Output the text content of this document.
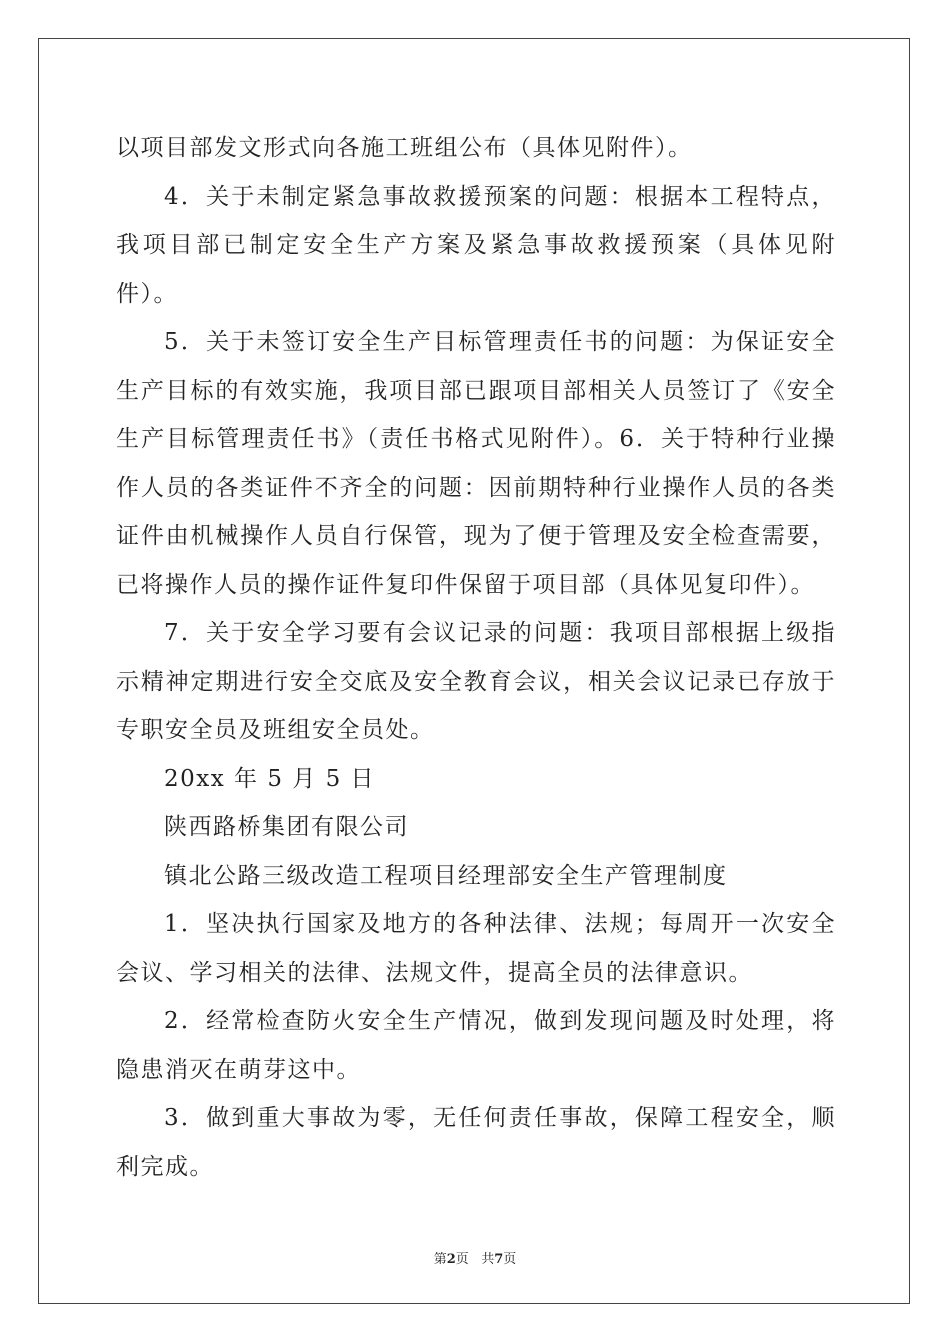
以项目部发文形式向各施工班组公布（具体见附件）。

4．关于未制定紧急事故救援预案的问题：根据本工程特点，我项目部已制定安全生产方案及紧急事故救援预案（具体见附件）。

5．关于未签订安全生产目标管理责任书的问题：为保证安全生产目标的有效实施，我项目部已跟项目部相关人员签订了《安全生产目标管理责任书》（责任书格式见附件）。6．关于特种行业操作人员的各类证件不齐全的问题：因前期特种行业操作人员的各类证件由机械操作人员自行保管，现为了便于管理及安全检查需要，已将操作人员的操作证件复印件保留于项目部（具体见复印件）。

7．关于安全学习要有会议记录的问题：我项目部根据上级指示精神定期进行安全交底及安全教育会议，相关会议记录已存放于专职安全员及班组安全员处。

20xx 年 5 月 5 日

陕西路桥集团有限公司

镇北公路三级改造工程项目经理部安全生产管理制度

1．坚决执行国家及地方的各种法律、法规；每周开一次安全会议、学习相关的法律、法规文件，提高全员的法律意识。

2．经常检查防火安全生产情况，做到发现问题及时处理，将隐患消灭在萌芽这中。

3．做到重大事故为零，无任何责任事故，保障工程安全，顺利完成。

第2页 共7页
